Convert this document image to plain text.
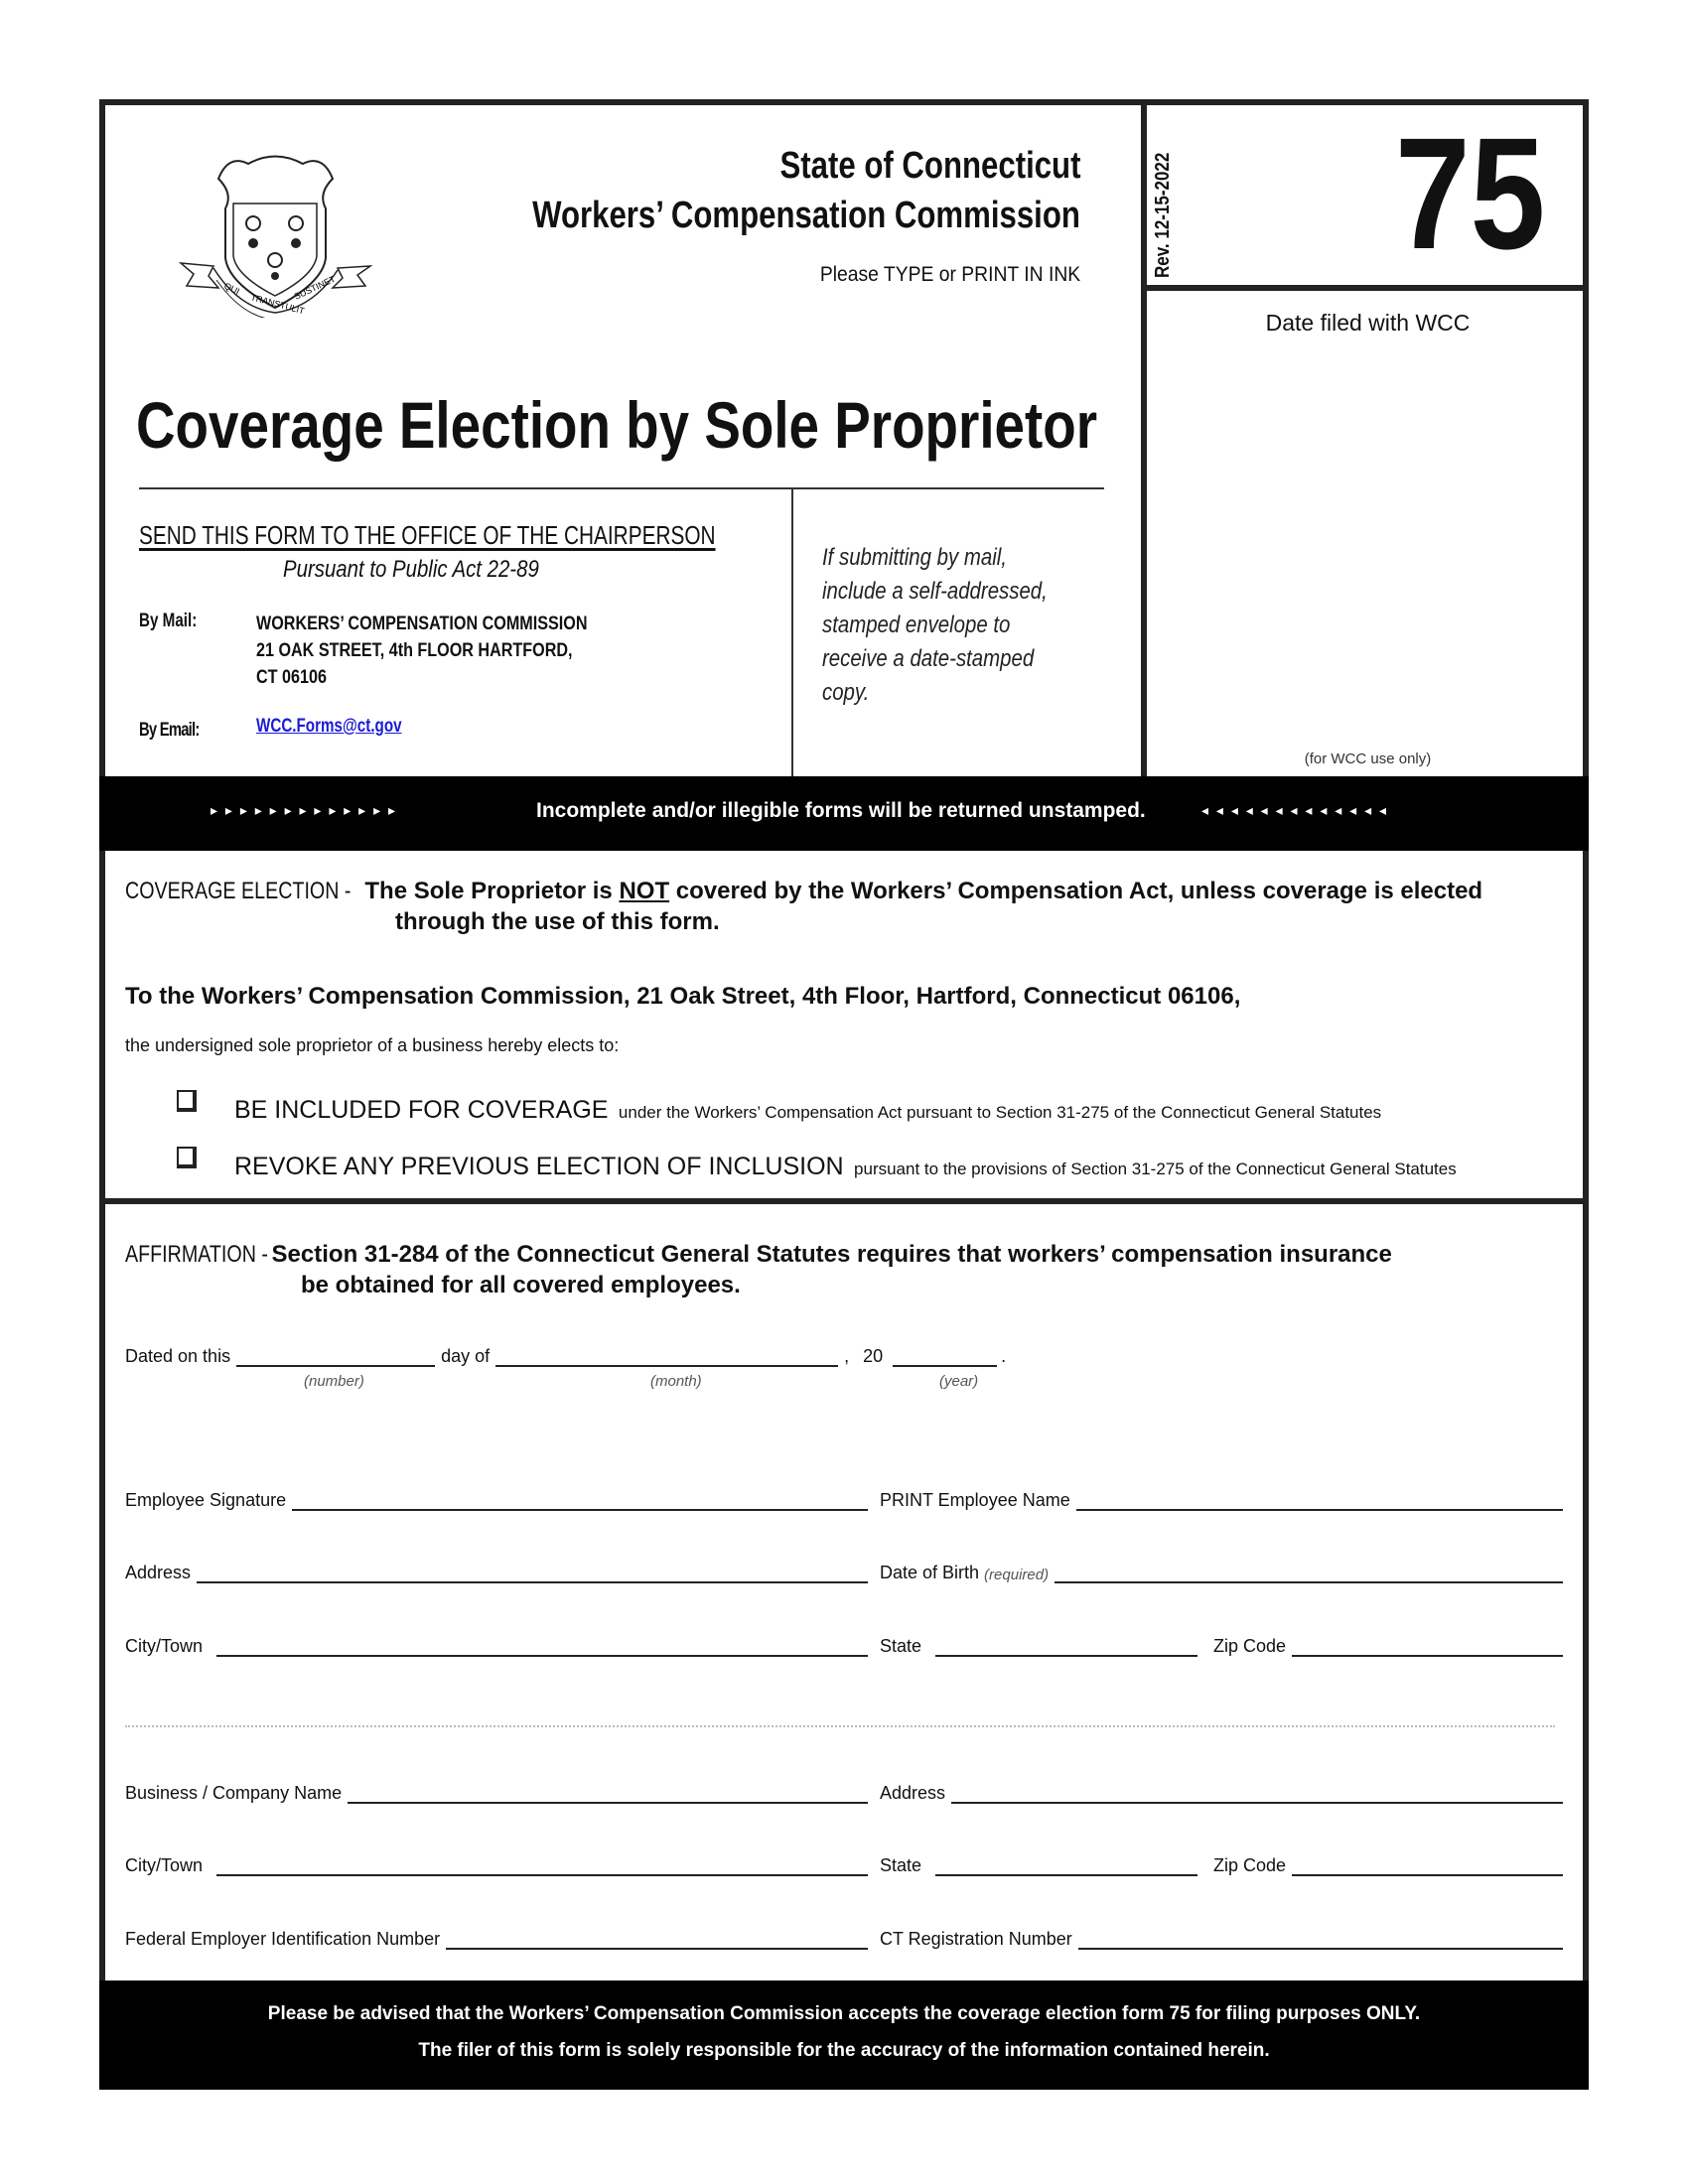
QUI
TRANSTULIT
SUSTINET
State of Connecticut
Workers’ Compensation Commission
Please TYPE or PRINT IN INK
Coverage Election by Sole Proprietor
Rev. 12-15-2022 75
Date filed with WCC
(for WCC use only)
SEND THIS FORM TO THE OFFICE OF THE CHAIRPERSON
Pursuant to Public Act 22-89
By Mail:	WORKERS’ COMPENSATION COMMISSION
21 OAK STREET, 4th FLOOR HARTFORD,
CT 06106
By Email:	WCC.Forms@ct.gov
If submitting by mail,
include a self-addressed,
stamped envelope to
receive a date-stamped
copy.
▸ ▸ ▸ ▸ ▸ ▸ ▸ ▸ ▸ ▸ ▸ ▸ ▸	Incomplete and/or illegible forms will be returned unstamped.	◂ ◂ ◂ ◂ ◂ ◂ ◂ ◂ ◂ ◂ ◂ ◂ ◂
COVERAGE ELECTION -The Sole Proprietor is NOT covered by the Workers’ Compensation Act, unless coverage is elected
through the use of this form.
To the Workers’ Compensation Commission, 21 Oak Street, 4th Floor, Hartford, Connecticut 06106,
the undersigned sole proprietor of a business hereby elects to:
BE INCLUDED FOR COVERAGE under the Workers’ Compensation Act pursuant to Section 31-275 of the Connecticut General Statutes
REVOKE ANY PREVIOUS ELECTION OF INCLUSION pursuant to the provisions of Section 31-275 of the Connecticut General Statutes
AFFIRMATION -Section 31-284 of the Connecticut General Statutes requires that workers’ compensation insurance
be obtained for all covered employees.
Dated on this	day of	, 20	.
(number)	(month)	(year)
Employee Signature	PRINT Employee Name
Address	Date of Birth (required)
City/Town	State	Zip Code
Business / Company Name	Address
City/Town	State	Zip Code
Federal Employer Identification Number	CT Registration Number
Please be advised that the Workers’ Compensation Commission accepts the coverage election form 75 for filing purposes ONLY.
The filer of this form is solely responsible for the accuracy of the information contained herein.
